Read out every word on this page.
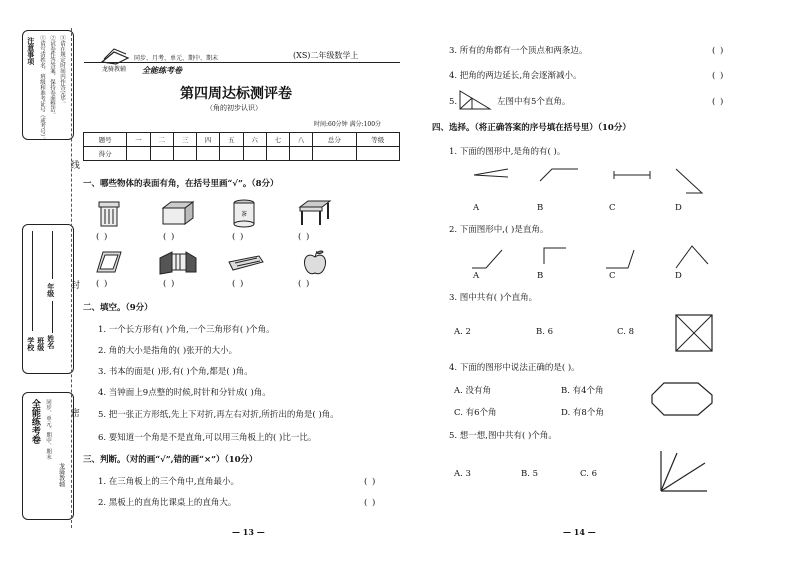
注意事项 ①请写清姓名、班级和准考证号（或考号）。 ②试卷作答答案，保持卷面整洁。 ③请在规定时间内作答完毕。
年级
姓名
学校 班级
全能练考卷 同步、单元、期中、期末
龙骑教辅
线
封
密
龙骑教辅
同步、月考、单元、期中、期末
全能练考卷
(XS)二年级数学上
第四周达标测评卷
（角的初步认识）
时间:60分钟 满分:100分
题号	一	二	三	四	五	六	七	八	总分	等级
得分										
一、哪些物体的表面有角，在括号里画“√”。（8分）
茶
( )	( )	( )	( )
( )	( )	( )	( )
二、填空。（9分）
1. 一个长方形有( )个角,一个三角形有( )个角。
2. 角的大小是指角的( )张开的大小。
3. 书本的面是( )形,有( )个角,都是( )角。
4. 当钟面上9点整的时候,时针和分针成( )角。
5. 把一张正方形纸,先上下对折,再左右对折,所折出的角是( )角。
6. 要知道一个角是不是直角,可以用三角板上的( )比一比。
三、判断。（对的画“√”,错的画“×”）（10分）
1. 在三角板上的三个角中,直角最小。	( )
2. 黑板上的直角比课桌上的直角大。	( )
— 13 —
3. 所有的角都有一个顶点和两条边。	( )
4. 把角的两边延长,角会逐渐减小。	( )
5.	左图中有5个直角。	( )
四、选择。（将正确答案的序号填在括号里）（10分）
1. 下面的图形中,是角的有( )。
A	B	C	D
2. 下面图形中,( )是直角。
A	B	C	D
3. 图中共有( )个直角。
A. 2	B. 6	C. 8
4. 下面的图形中说法正确的是( )。
A. 没有角	B. 有4个角
C. 有6个角	D. 有8个角
5. 想一想,图中共有( )个角。
A. 3	B. 5	C. 6
— 14 —
